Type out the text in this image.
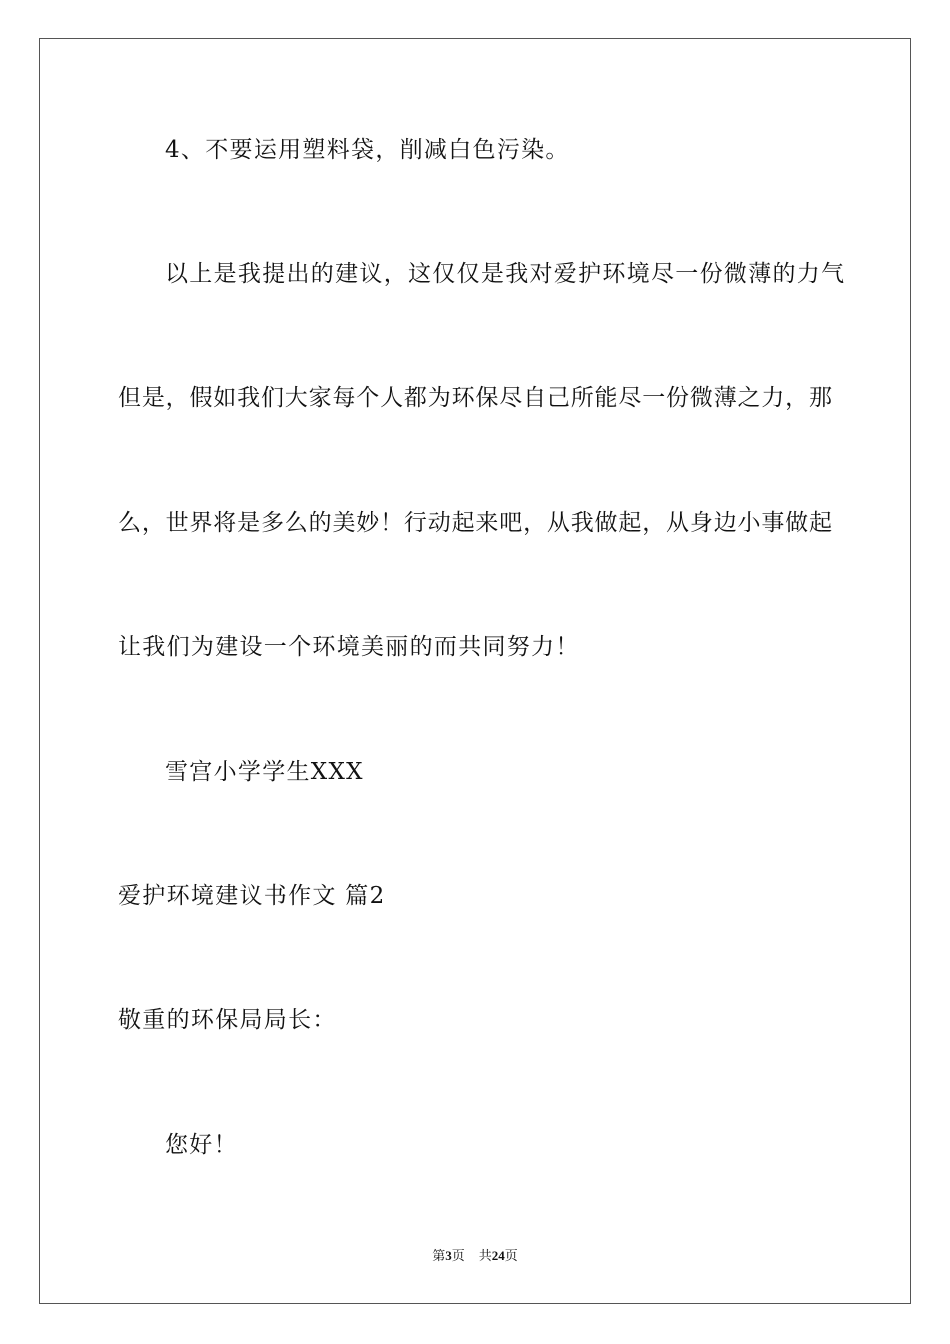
4、不要运用塑料袋，削减白色污染。
以上是我提出的建议，这仅仅是我对爱护环境尽一份微薄的力气
但是，假如我们大家每个人都为环保尽自己所能尽一份微薄之力，那
么，世界将是多么的美妙！行动起来吧，从我做起，从身边小事做起
让我们为建设一个环境美丽的而共同努力！
雪宫小学学生XXX
爱护环境建议书作文 篇2
敬重的环保局局长：
您好！
第3页 共24页
